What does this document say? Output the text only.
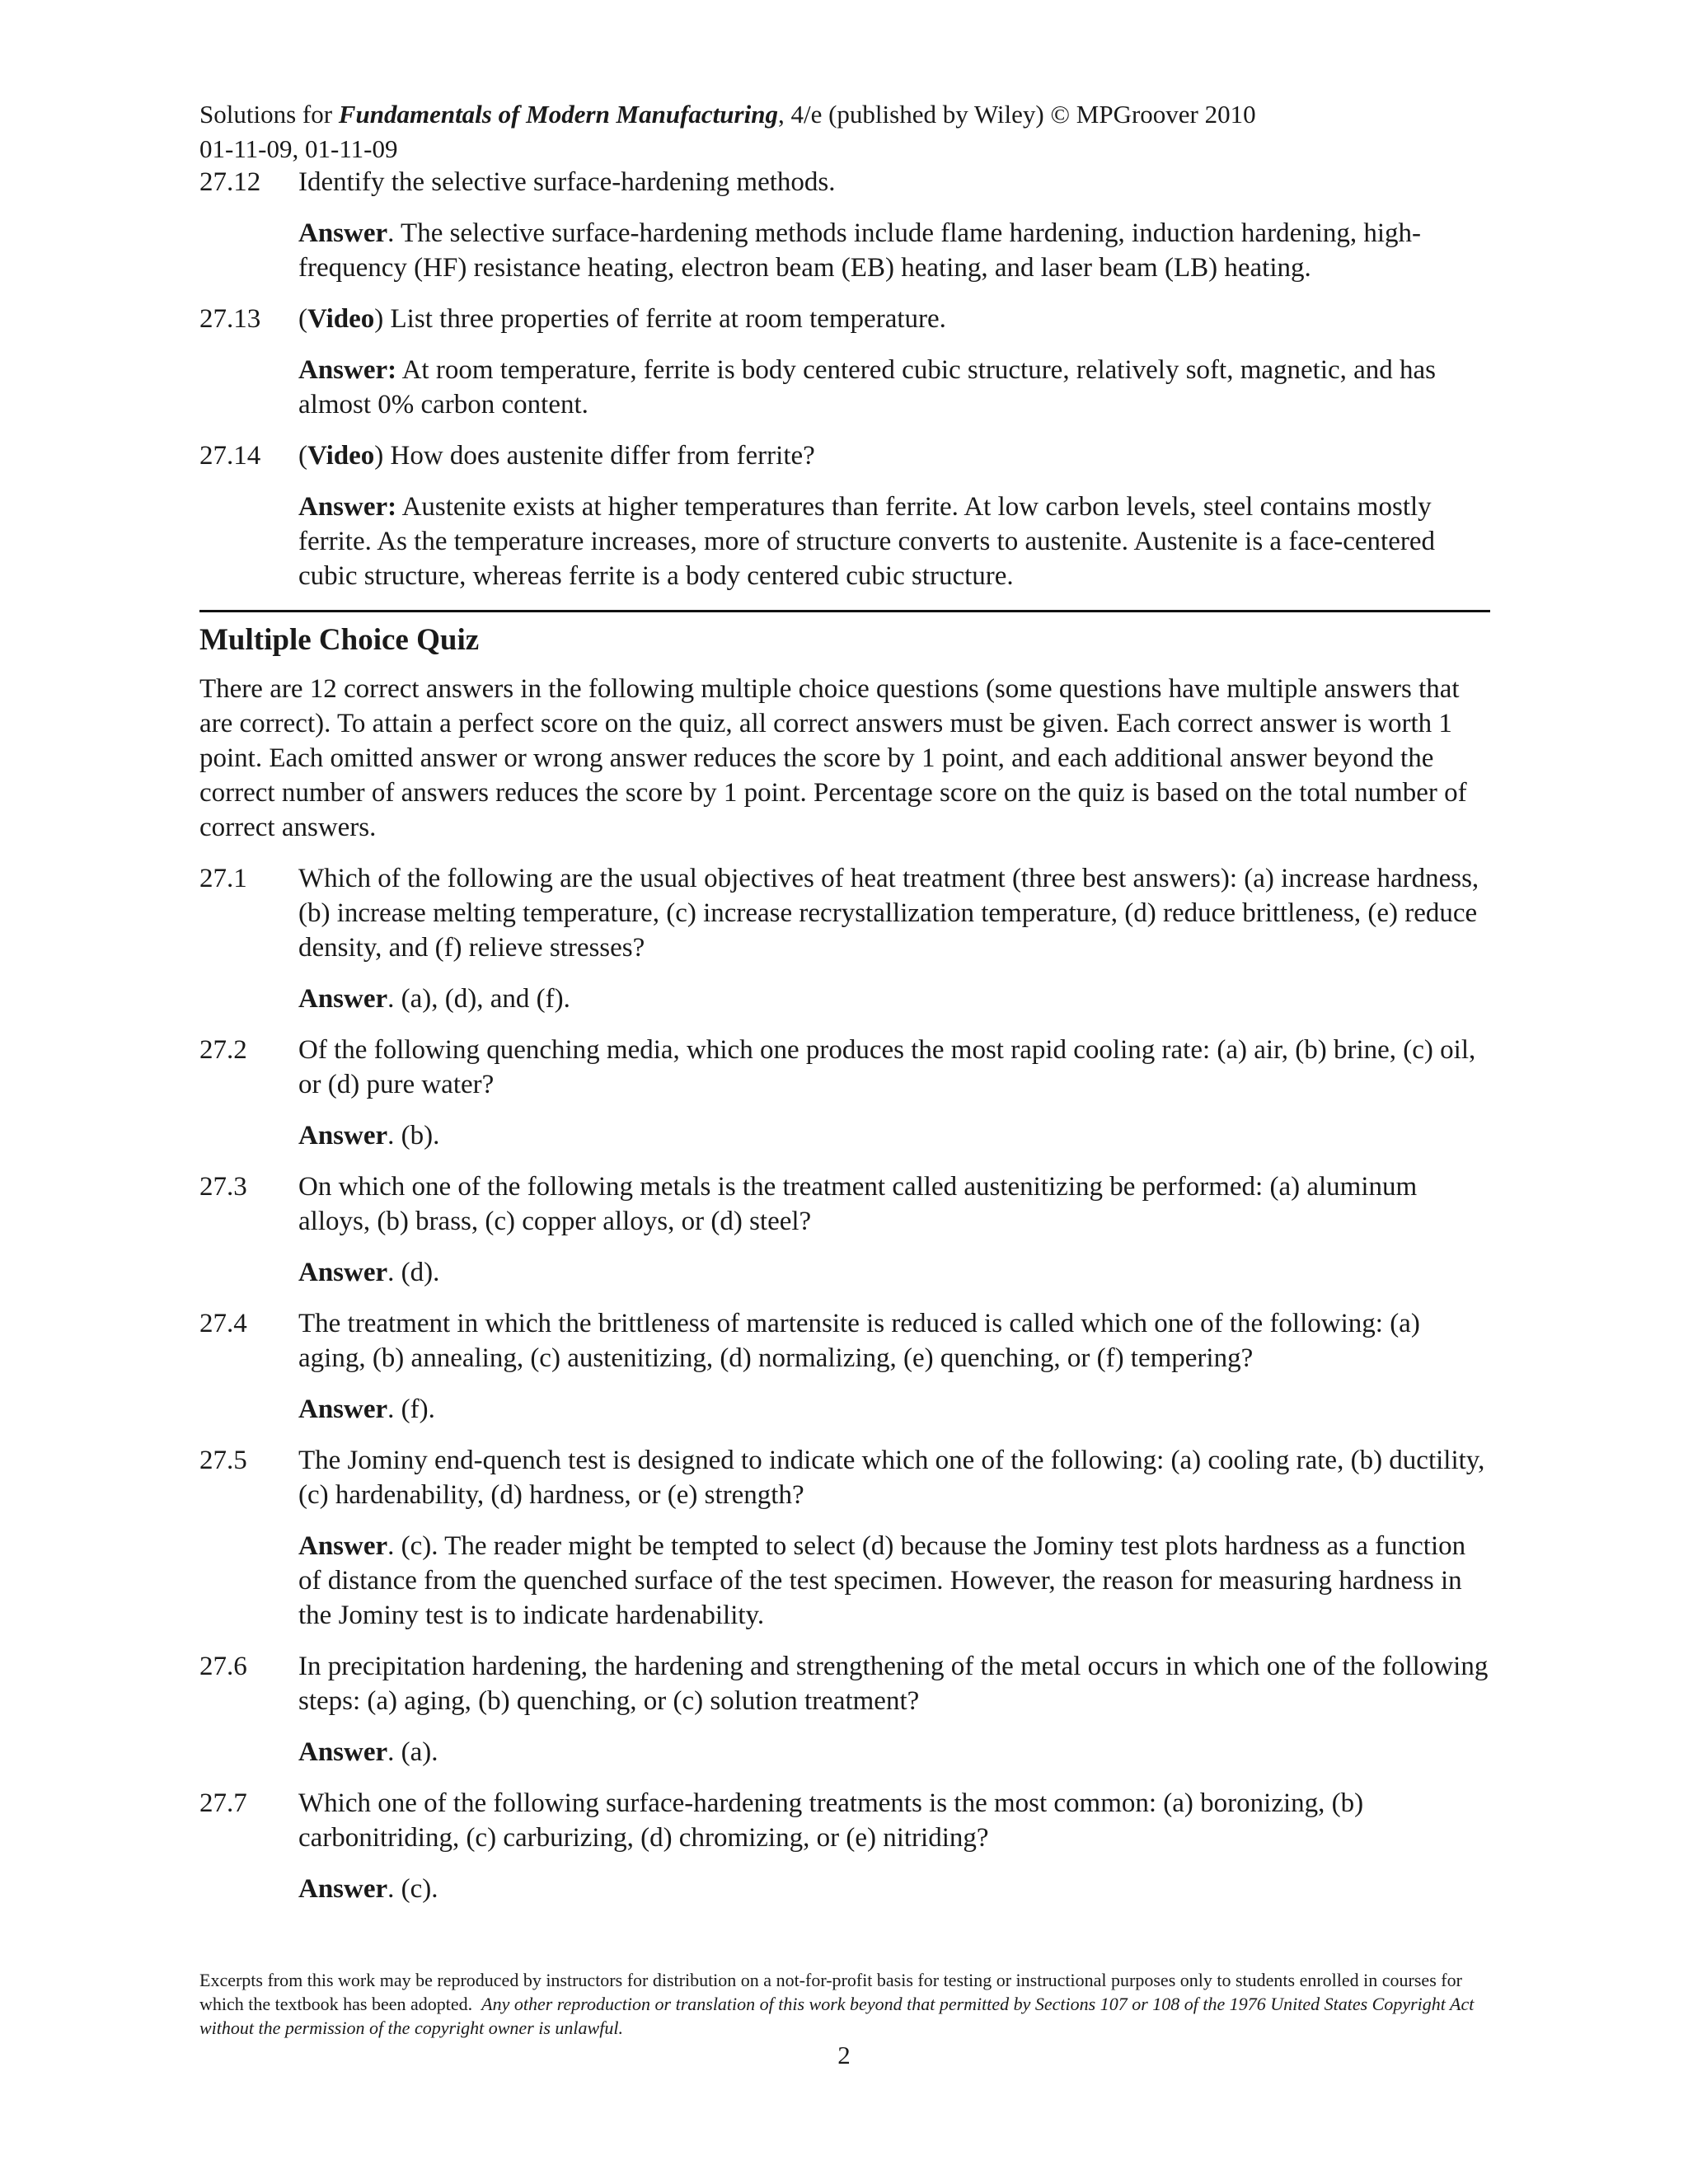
Solutions for Fundamentals of Modern Manufacturing, 4/e (published by Wiley) © MPGroover 2010
01-11-09, 01-11-09
27.12	Identify the selective surface-hardening methods.
Answer. The selective surface-hardening methods include flame hardening, induction hardening, high-frequency (HF) resistance heating, electron beam (EB) heating, and laser beam (LB) heating.
27.13	(Video) List three properties of ferrite at room temperature.
Answer: At room temperature, ferrite is body centered cubic structure, relatively soft, magnetic, and has almost 0% carbon content.
27.14	(Video) How does austenite differ from ferrite?
Answer: Austenite exists at higher temperatures than ferrite. At low carbon levels, steel contains mostly ferrite. As the temperature increases, more of structure converts to austenite. Austenite is a face-centered cubic structure, whereas ferrite is a body centered cubic structure.
Multiple Choice Quiz
There are 12 correct answers in the following multiple choice questions (some questions have multiple answers that are correct). To attain a perfect score on the quiz, all correct answers must be given. Each correct answer is worth 1 point. Each omitted answer or wrong answer reduces the score by 1 point, and each additional answer beyond the correct number of answers reduces the score by 1 point. Percentage score on the quiz is based on the total number of correct answers.
27.1	Which of the following are the usual objectives of heat treatment (three best answers): (a) increase hardness, (b) increase melting temperature, (c) increase recrystallization temperature, (d) reduce brittleness, (e) reduce density, and (f) relieve stresses?
Answer. (a), (d), and (f).
27.2	Of the following quenching media, which one produces the most rapid cooling rate: (a) air, (b) brine, (c) oil, or (d) pure water?
Answer. (b).
27.3	On which one of the following metals is the treatment called austenitizing be performed: (a) aluminum alloys, (b) brass, (c) copper alloys, or (d) steel?
Answer. (d).
27.4	The treatment in which the brittleness of martensite is reduced is called which one of the following: (a) aging, (b) annealing, (c) austenitizing, (d) normalizing, (e) quenching, or (f) tempering?
Answer. (f).
27.5	The Jominy end-quench test is designed to indicate which one of the following: (a) cooling rate, (b) ductility, (c) hardenability, (d) hardness, or (e) strength?
Answer. (c). The reader might be tempted to select (d) because the Jominy test plots hardness as a function of distance from the quenched surface of the test specimen. However, the reason for measuring hardness in the Jominy test is to indicate hardenability.
27.6	In precipitation hardening, the hardening and strengthening of the metal occurs in which one of the following steps: (a) aging, (b) quenching, or (c) solution treatment?
Answer. (a).
27.7	Which one of the following surface-hardening treatments is the most common: (a) boronizing, (b) carbonitriding, (c) carburizing, (d) chromizing, or (e) nitriding?
Answer. (c).
Excerpts from this work may be reproduced by instructors for distribution on a not-for-profit basis for testing or instructional purposes only to students enrolled in courses for which the textbook has been adopted. Any other reproduction or translation of this work beyond that permitted by Sections 107 or 108 of the 1976 United States Copyright Act without the permission of the copyright owner is unlawful.
2
